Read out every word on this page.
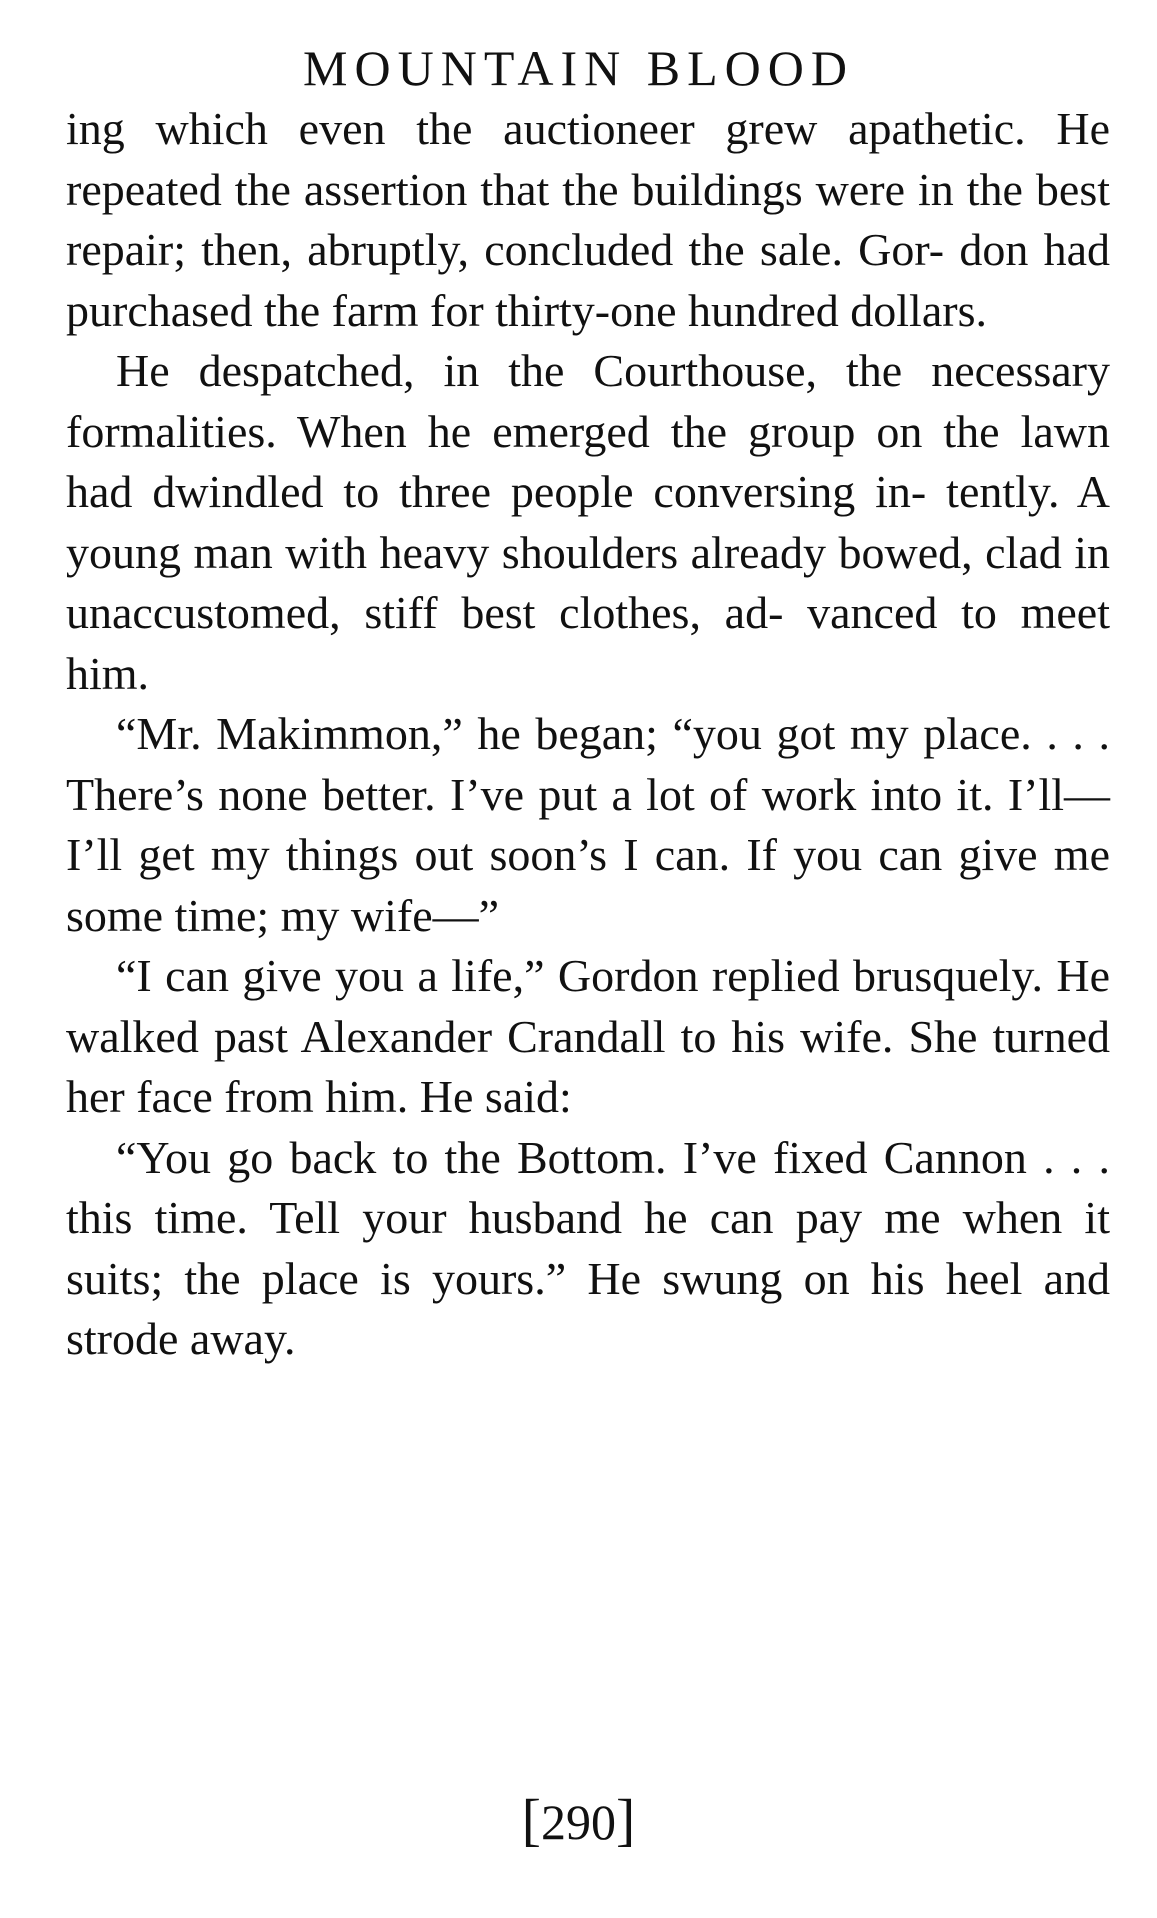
MOUNTAIN BLOOD

ing which even the auctioneer grew apathetic. He repeated the assertion that the buildings were in the best repair; then, abruptly, concluded the sale. Gor- don had purchased the farm for thirty-one hundred dollars.

He despatched, in the Courthouse, the necessary formalities. When he emerged the group on the lawn had dwindled to three people conversing in- tently. A young man with heavy shoulders already bowed, clad in unaccustomed, stiff best clothes, ad- vanced to meet him.

“Mr. Makimmon,” he began; “you got my place. . . . There’s none better. I’ve put a lot of work into it. I’ll—I’ll get my things out soon’s I can. If you can give me some time; my wife—”

“I can give you a life,” Gordon replied brusquely. He walked past Alexander Crandall to his wife. She turned her face from him. He said:

“You go back to the Bottom. I’ve fixed Cannon . . . this time. Tell your husband he can pay me when it suits; the place is yours.” He swung on his heel and strode away.

[290]
